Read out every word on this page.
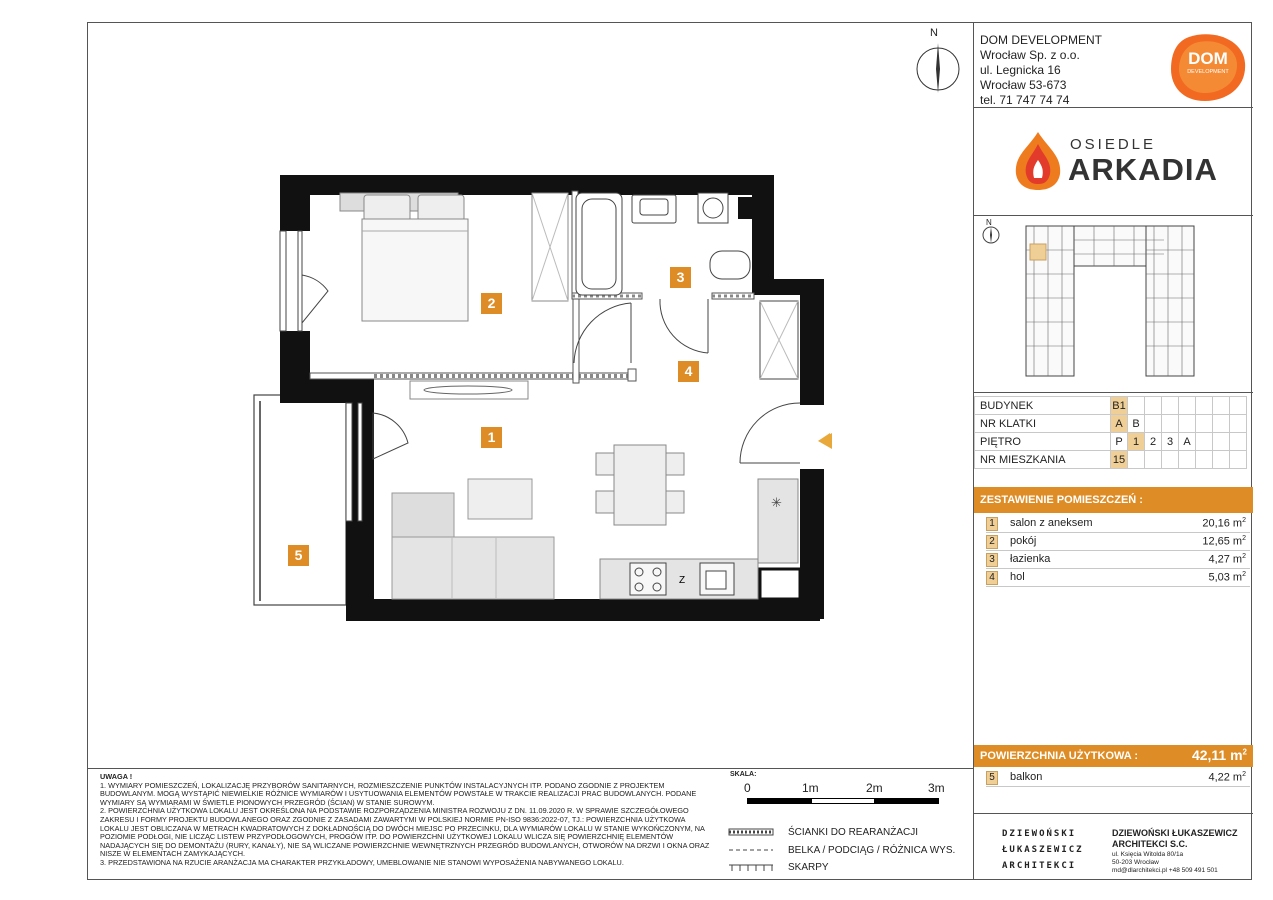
N
Z
✳
1
2
3
4
5
UWAGA !
1. WYMIARY POMIESZCZEŃ, LOKALIZACJĘ PRZYBORÓW SANITARNYCH, ROZMIESZCZENIE PUNKTÓW INSTALACYJNYCH ITP. PODANO ZGODNIE Z PROJEKTEM BUDOWLANYM. MOGĄ WYSTĄPIĆ NIEWIELKIE RÓŻNICE WYMIARÓW I USYTUOWANIA ELEMENTÓW POWSTAŁE W TRAKCIE REALIZACJI PRAC BUDOWLANYCH. PODANE WYMIARY SĄ WYMIARAMI W ŚWIETLE PIONOWYCH PRZEGRÓD (ŚCIAN) W STANIE SUROWYM.
2. POWIERZCHNIA UŻYTKOWA LOKALU JEST OKREŚLONA NA PODSTAWIE ROZPORZĄDZENIA MINISTRA ROZWOJU Z DN. 11.09.2020 R. W SPRAWIE SZCZEGÓŁOWEGO ZAKRESU I FORMY PROJEKTU BUDOWLANEGO ORAZ ZGODNIE Z ZASADAMI ZAWARTYMI W POLSKIEJ NORMIE PN-ISO 9836:2022-07, TJ.: POWIERZCHNIA UŻYTKOWA LOKALU JEST OBLICZANA W METRACH KWADRATOWYCH Z DOKŁADNOŚCIĄ DO DWÓCH MIEJSC PO PRZECINKU, DLA WYMIARÓW LOKALU W STANIE WYKOŃCZONYM, NA POZIOMIE PODŁOGI, NIE LICZĄC LISTEW PRZYPODŁOGOWYCH, PROGÓW ITP. DO POWIERZCHNI UŻYTKOWEJ LOKALU WLICZA SIĘ POWIERZCHNIĘ ELEMENTÓW NADAJĄCYCH SIĘ DO DEMONTAŻU (RURY, KANAŁY), NIE SĄ WLICZANE POWIERZCHNIE WEWNĘTRZNYCH PRZEGRÓD BUDOWLANYCH, OTWORÓW NA DRZWI I OKNA ORAZ NISZE W ELEMENTACH ZAMYKAJĄCYCH.
3. PRZEDSTAWIONA NA RZUCIE ARANŻACJA MA CHARAKTER PRZYKŁADOWY, UMEBLOWANIE NIE STANOWI WYPOSAŻENIA NABYWANEGO LOKALU.
SKALA:
0	1m	2m	3m
ŚCIANKI DO REARANŻACJI
BELKA / PODCIĄG / RÓŻNICA WYS.
SKARPY
DOM DEVELOPMENT
Wrocław Sp. z o.o.
ul. Legnicka 16
Wrocław 53-673
tel. 71 747 74 74
DOM
DEVELOPMENT
OSIEDLE
ARKADIA
N
BUDYNEK	B1							
NR KLATKI	A	B						
PIĘTRO	P	1	2	3	A			
NR MIESZKANIA	15							
ZESTAWIENIE POMIESZCZEŃ :
1 salon z aneksem	20,16 $m^2$
2 pokój	12,65 $m^2$
3 łazienka	4,27 $m^2$
4 hol	5,03 $m^2$
POWIERZCHNIA UŻYTKOWA :	42,11 $m^2$
5 balkon	4,22 $m^2$
DZIEWOŃSKI
ŁUKASZEWICZ
ARCHITEKCI
DZIEWOŃSKI ŁUKASZEWICZ
ARCHITEKCI S.C.
ul. Księcia Witolda 80/1a
50-203 Wrocław
md@dlarchitekci.pl +48 509 491 501
